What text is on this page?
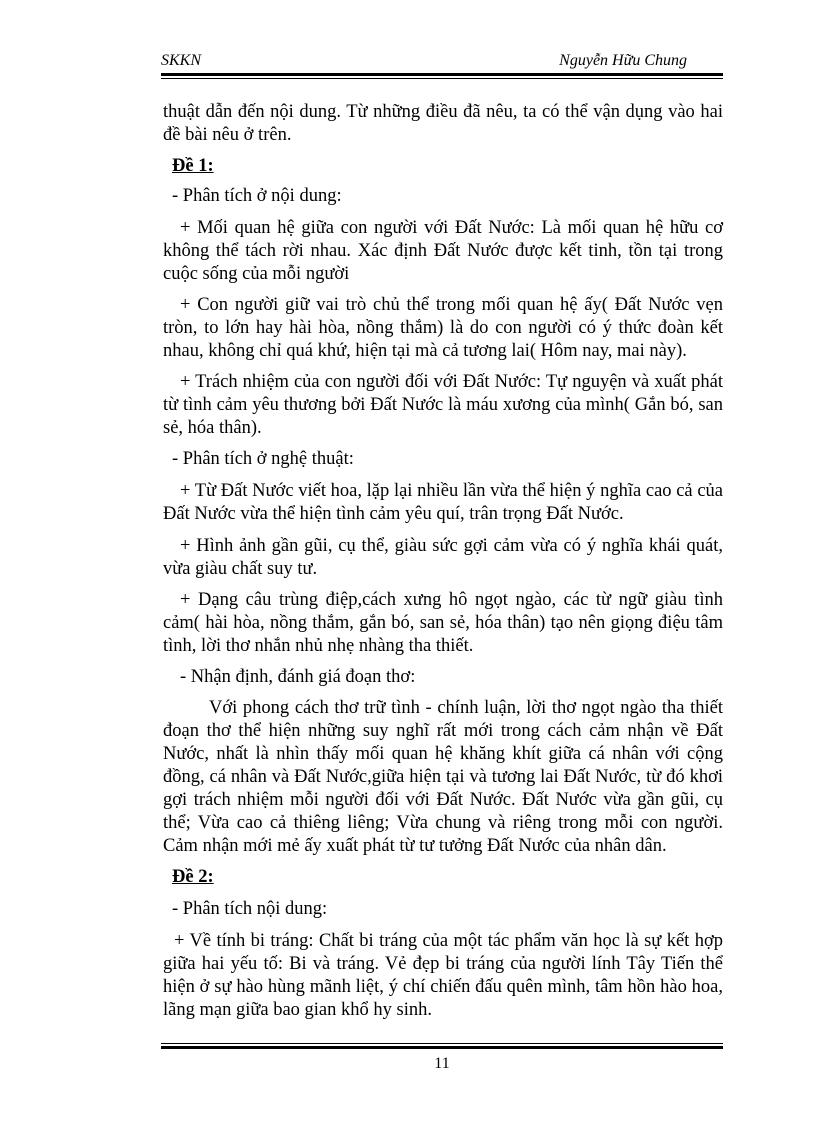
SKKN	Nguyễn Hữu Chung

thuật dẫn đến nội dung. Từ những điều đã nêu, ta có thể vận dụng vào hai đề bài nêu ở trên.

Đề 1:

- Phân tích ở nội dung:

+ Mối quan hệ giữa con người với Đất Nước: Là mối quan hệ hữu cơ không thể tách rời nhau. Xác định Đất Nước được kết tinh, tồn tại trong cuộc sống của mỗi người

+ Con người giữ vai trò chủ thể trong mối quan hệ ấy( Đất Nước vẹn tròn, to lớn hay hài hòa, nồng thắm) là do con người có ý thức đoàn kết nhau, không chỉ quá khứ, hiện tại mà cả tương lai( Hôm nay, mai này).

+ Trách nhiệm của con người đối với Đất Nước: Tự nguyện và xuất phát từ tình cảm yêu thương bởi Đất Nước là máu xương của mình( Gắn bó, san sẻ, hóa thân).

- Phân tích ở nghệ thuật:

+ Từ Đất Nước viết hoa, lặp lại nhiều lần vừa thể hiện ý nghĩa cao cả của Đất Nước vừa thể hiện tình cảm yêu quí, trân trọng Đất Nước.

+ Hình ảnh gần gũi, cụ thể, giàu sức gợi cảm vừa có ý nghĩa khái quát, vừa giàu chất suy tư.

+ Dạng câu trùng điệp,cách xưng hô ngọt ngào, các từ ngữ giàu tình cảm( hài hòa, nồng thắm, gắn bó, san sẻ, hóa thân) tạo nên giọng điệu tâm tình, lời thơ nhắn nhủ nhẹ nhàng tha thiết.

- Nhận định, đánh giá đoạn thơ:

Với phong cách thơ trữ tình - chính luận, lời thơ ngọt ngào tha thiết đoạn thơ thể hiện những suy nghĩ rất mới trong cách cảm nhận về Đất Nước, nhất là nhìn thấy mối quan hệ khăng khít giữa cá nhân với cộng đồng, cá nhân và Đất Nước,giữa hiện tại và tương lai Đất Nước, từ đó khơi gợi trách nhiệm mỗi người đối với Đất Nước. Đất Nước vừa gần gũi, cụ thể; Vừa cao cả thiêng liêng; Vừa chung và riêng trong mỗi con người. Cảm nhận mới mẻ ấy xuất phát từ tư tưởng Đất Nước của nhân dân.

Đề 2:

- Phân tích nội dung:

+ Về tính bi tráng: Chất bi tráng của một tác phẩm văn học là sự kết hợp giữa hai yếu tố: Bi và tráng. Vẻ đẹp bi tráng của người lính Tây Tiến thể hiện ở sự hào hùng mãnh liệt, ý chí chiến đấu quên mình, tâm hồn hào hoa, lãng mạn giữa bao gian khổ hy sinh.

11
